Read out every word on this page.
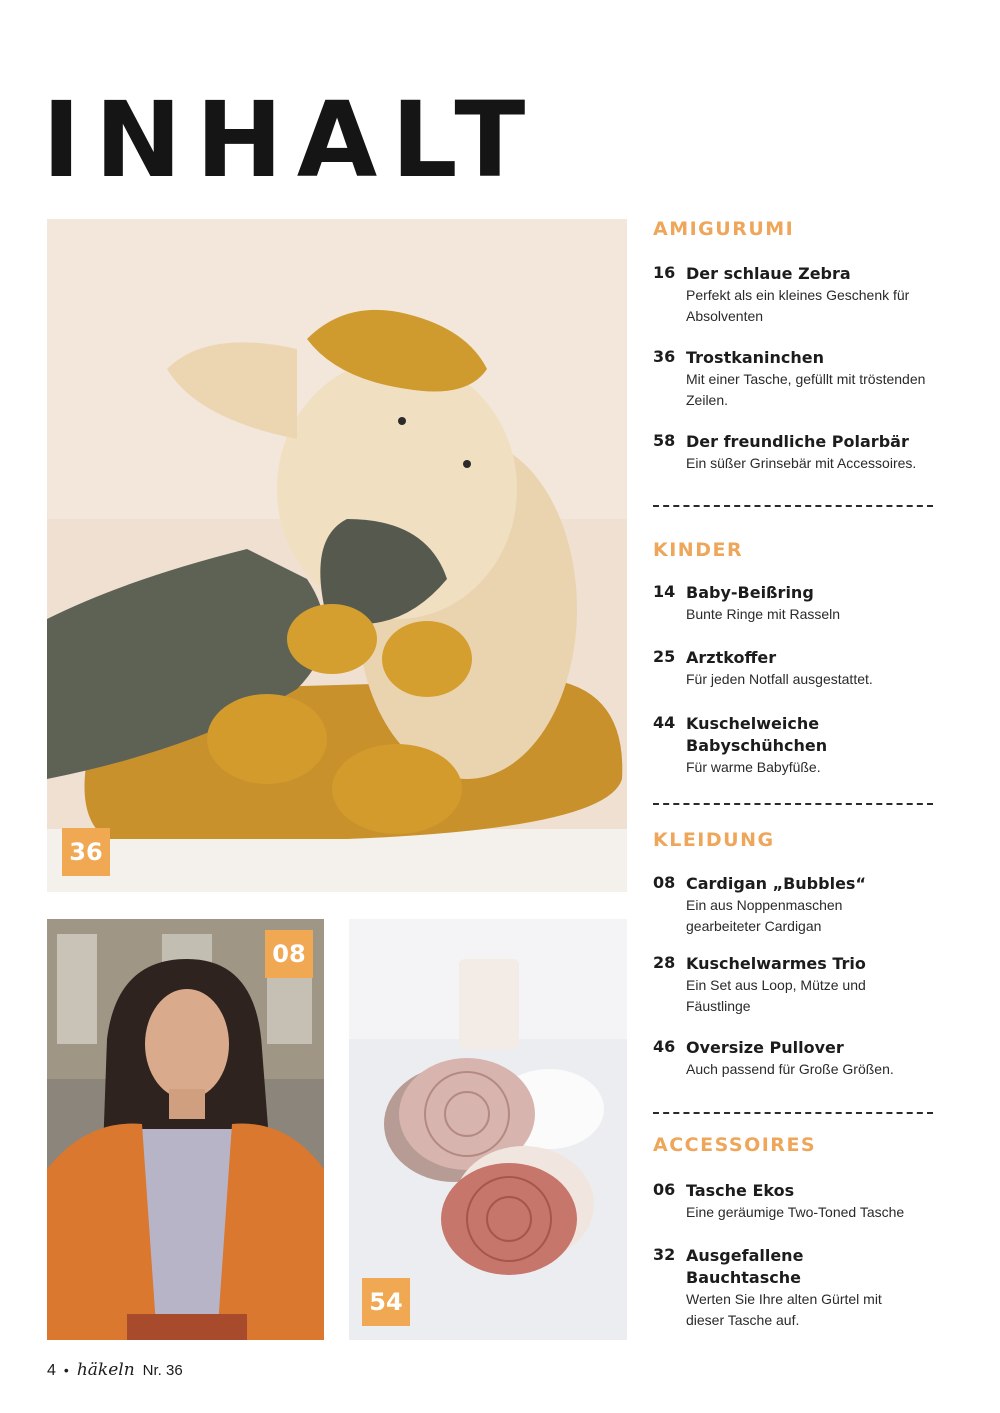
INHALT
36
08
54
AMIGURUMI
16 Der schlaue Zebra
Perfekt als ein kleines Geschenk für Absolventen
36 Trostkaninchen
Mit einer Tasche, gefüllt mit tröstenden Zeilen.
58 Der freundliche Polarbär
Ein süßer Grinsebär mit Accessoires.
KINDER
14 Baby-Beißring
Bunte Ringe mit Rasseln
25 Arztkoffer
Für jeden Notfall ausgestattet.
44 Kuschelweiche Babyschühchen
Für warme Babyfüße.
KLEIDUNG
08 Cardigan „Bubbles“
Ein aus Noppenmaschen gearbeiteter Cardigan
28 Kuschelwarmes Trio
Ein Set aus Loop, Mütze und Fäustlinge
46 Oversize Pullover
Auch passend für Große Größen.
ACCESSOIRES
06 Tasche Ekos
Eine geräumige Two-Toned Tasche
32 Ausgefallene Bauchtasche
Werten Sie Ihre alten Gürtel mit dieser Tasche auf.
4 • häkeln Nr. 36
